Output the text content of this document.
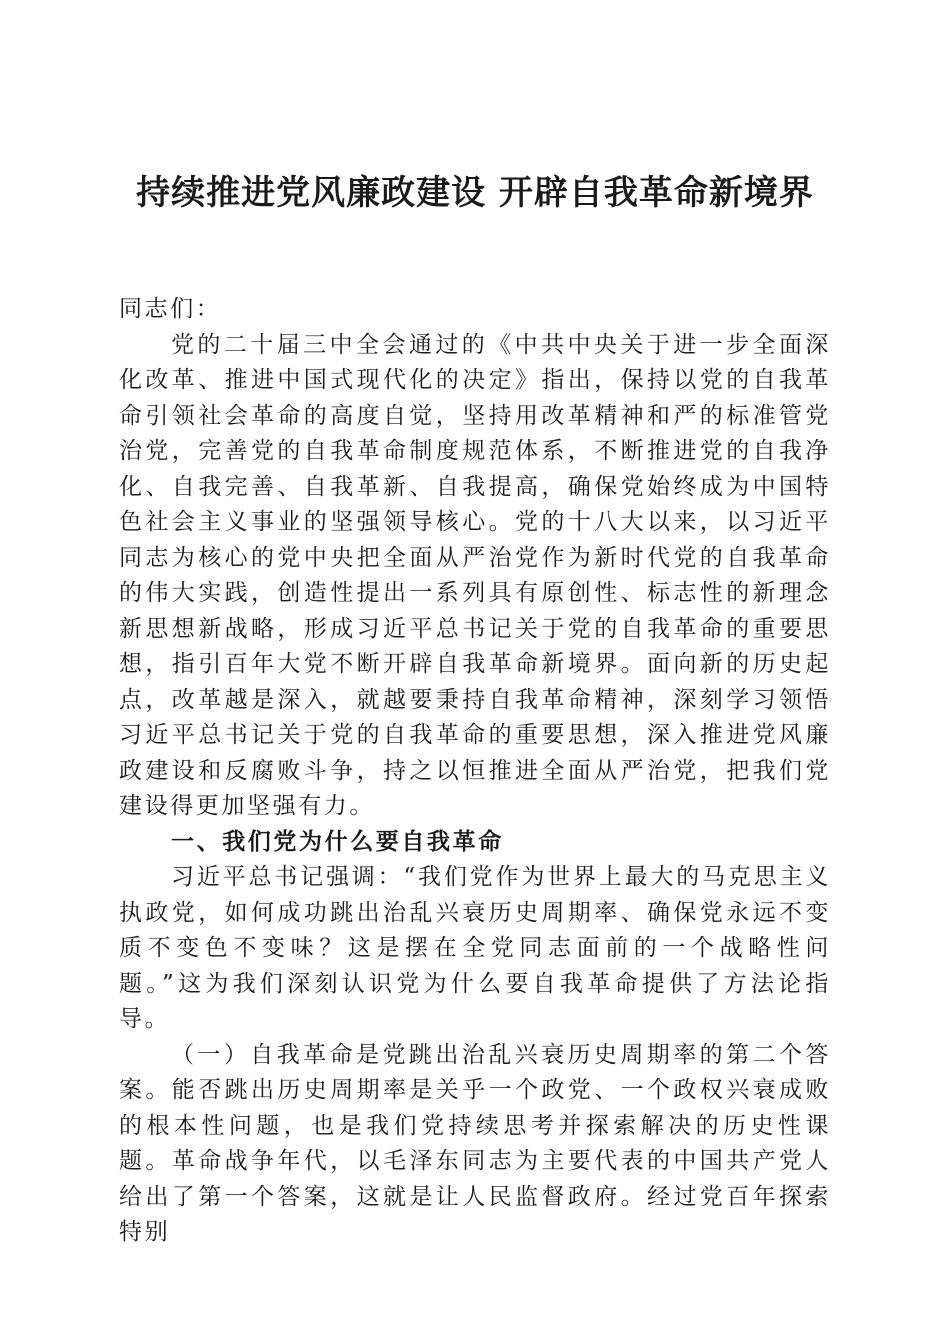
持续推进党风廉政建设 开辟自我革命新境界

同志们：

党的二十届三中全会通过的《中共中央关于进一步全面深化改革、推进中国式现代化的决定》指出，保持以党的自我革命引领社会革命的高度自觉，坚持用改革精神和严的标准管党治党，完善党的自我革命制度规范体系，不断推进党的自我净化、自我完善、自我革新、自我提高，确保党始终成为中国特色社会主义事业的坚强领导核心。党的十八大以来，以习近平同志为核心的党中央把全面从严治党作为新时代党的自我革命的伟大实践，创造性提出一系列具有原创性、标志性的新理念新思想新战略，形成习近平总书记关于党的自我革命的重要思想，指引百年大党不断开辟自我革命新境界。面向新的历史起点，改革越是深入，就越要秉持自我革命精神，深刻学习领悟习近平总书记关于党的自我革命的重要思想，深入推进党风廉政建设和反腐败斗争，持之以恒推进全面从严治党，把我们党建设得更加坚强有力。

一、我们党为什么要自我革命

习近平总书记强调：“我们党作为世界上最大的马克思主义执政党，如何成功跳出治乱兴衰历史周期率、确保党永远不变质不变色不变味？这是摆在全党同志面前的一个战略性问题。”这为我们深刻认识党为什么要自我革命提供了方法论指导。

（一）自我革命是党跳出治乱兴衰历史周期率的第二个答案。能否跳出历史周期率是关乎一个政党、一个政权兴衰成败的根本性问题，也是我们党持续思考并探索解决的历史性课题。革命战争年代，以毛泽东同志为主要代表的中国共产党人给出了第一个答案，这就是让人民监督政府。经过党百年探索特别
